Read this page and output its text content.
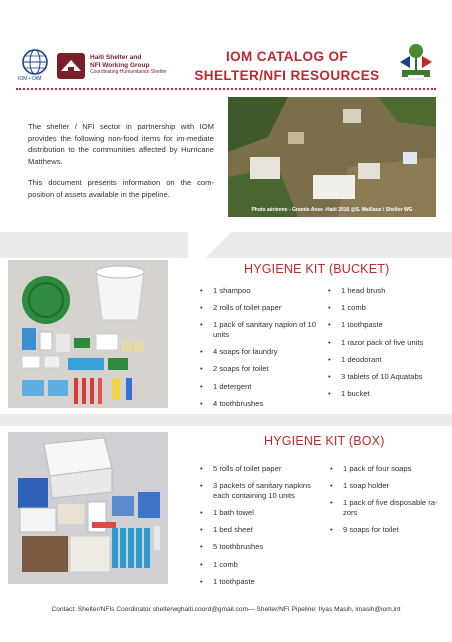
IOM • OIM
Haiti Shelter and
NFI Working Group
Coordinating Humanitarian Shelter
IOM CATALOG OF
SHELTER/NFI RESOURCES

The shelter / NFI sector in partnership with IOM provides the following non-food items for im-mediate distribution to the communities affected by Hurricane Matthews.

This document presents information on the com-position of assets available in the pipeline.

Photo aérienne - Grande Anse -Haiti 2016 @S. Maillaux / Shelter WG
HYGIENE KIT (BUCKET)
• 1 shampoo
• 2 rolls of toilet paper
• 1 pack of sanitary napkin of 10 units
• 4 soaps for laundry
• 2 soaps for toilet
• 1 detergent
• 4 toothbrushes
• 1 head brush
• 1 comb
• 1 toothpaste
• 1 razor pack of five units
• 1 deodorant
• 3 tablets of 10 Aquatabs
• 1 bucket
HYGIENE KIT (BOX)
• 5 rolls of toilet paper
• 3 packets of sanitary napkins each containing 10 units
• 1 bath towel
• 1 bed sheet
• 5 toothbrushes
• 1 comb
• 1 toothpaste
• 1 pack of four soaps
• 1 soap holder
• 1 pack of five disposable ra-zors
• 9 soaps for toilet
Contact: Shelter/NFIs Coordinator shelterwghaiti.coord@gmail.com— Shelter/NFI Pipeline: Ilyas Masih, imasih@iom.int
